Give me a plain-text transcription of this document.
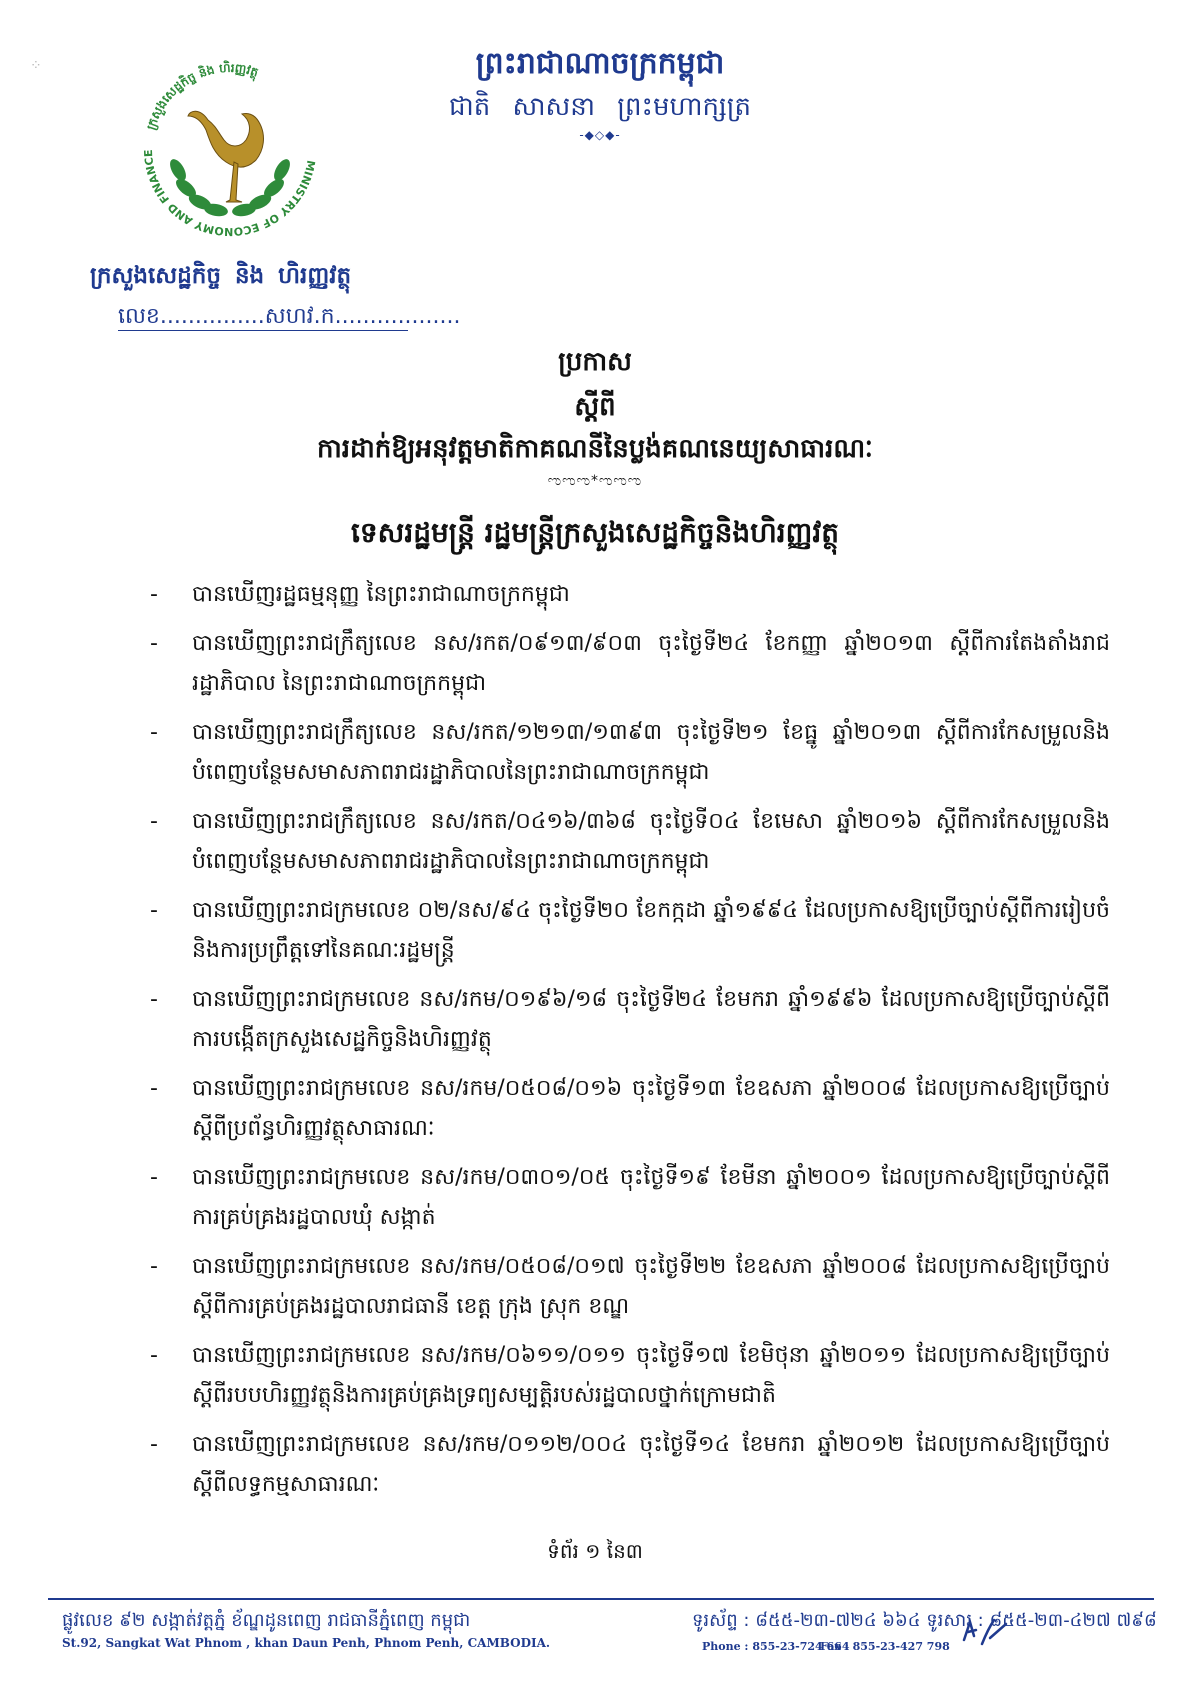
⁘
MINISTRY OF ECONOMY AND FINANCE
ក្រសួងសេដ្ឋកិច្ច និង ហិរញ្ញវត្ថុ	ព្រះរាជាណាចក្រកម្ពុជា
ជាតិ សាសនា ព្រះមហាក្សត្រ
-◆◇◆-
ក្រសួងសេដ្ឋកិច្ច និង ហិរញ្ញវត្ថុ
លេខ...............សហវ.ក..................
ប្រកាស
ស្តីពី
ការដាក់ឱ្យអនុវត្តមាតិកាគណនីនៃប្លង់គណនេយ្យសាធារណៈ
ಌಌಌ*ಌಌಌ
ទេសរដ្ឋមន្ត្រី រដ្ឋមន្ត្រីក្រសួងសេដ្ឋកិច្ចនិងហិរញ្ញវត្ថុ
-	បានឃើញរដ្ឋធម្មនុញ្ញ នៃព្រះរាជាណាចក្រកម្ពុជា
-	បានឃើញព្រះរាជក្រឹត្យលេខ នស/រកត/០៩១៣/៩០៣ ចុះថ្ងៃទី២៤ ខែកញ្ញា ឆ្នាំ២០១៣ ស្តីពីការតែងតាំងរាជរដ្ឋាភិបាល នៃព្រះរាជាណាចក្រកម្ពុជា
-	បានឃើញព្រះរាជក្រឹត្យលេខ នស/រកត/១២១៣/១៣៩៣ ចុះថ្ងៃទី២១ ខែធ្នូ ឆ្នាំ២០១៣ ស្តីពីការកែសម្រួលនិង បំពេញបន្ថែមសមាសភាពរាជរដ្ឋាភិបាលនៃព្រះរាជាណាចក្រកម្ពុជា
-	បានឃើញព្រះរាជក្រឹត្យលេខ នស/រកត/០៤១៦/៣៦៨ ចុះថ្ងៃទី០៤ ខែមេសា ឆ្នាំ២០១៦ ស្តីពីការកែសម្រួលនិង បំពេញបន្ថែមសមាសភាពរាជរដ្ឋាភិបាលនៃព្រះរាជាណាចក្រកម្ពុជា
-	បានឃើញព្រះរាជក្រមលេខ ០២/នស/៩៤ ចុះថ្ងៃទី២០ ខែកក្កដា ឆ្នាំ១៩៩៤ ដែលប្រកាសឱ្យប្រើច្បាប់ស្តីពីការរៀបចំ និងការប្រព្រឹត្តទៅនៃគណៈរដ្ឋមន្ត្រី
-	បានឃើញព្រះរាជក្រមលេខ នស/រកម/០១៩៦/១៨ ចុះថ្ងៃទី២៤ ខែមករា ឆ្នាំ១៩៩៦ ដែលប្រកាសឱ្យប្រើច្បាប់ស្តីពី ការបង្កើតក្រសួងសេដ្ឋកិច្ចនិងហិរញ្ញវត្ថុ
-	បានឃើញព្រះរាជក្រមលេខ នស/រកម/០៥០៨/០១៦ ចុះថ្ងៃទី១៣ ខែឧសភា ឆ្នាំ២០០៨ ដែលប្រកាសឱ្យប្រើច្បាប់ ស្តីពីប្រព័ន្ធហិរញ្ញវត្ថុសាធារណៈ
-	បានឃើញព្រះរាជក្រមលេខ នស/រកម/០៣០១/០៥ ចុះថ្ងៃទី១៩ ខែមីនា ឆ្នាំ២០០១ ដែលប្រកាសឱ្យប្រើច្បាប់ស្តីពី ការគ្រប់គ្រងរដ្ឋបាលឃុំ សង្កាត់
-	បានឃើញព្រះរាជក្រមលេខ នស/រកម/០៥០៨/០១៧ ចុះថ្ងៃទី២២ ខែឧសភា ឆ្នាំ២០០៨ ដែលប្រកាសឱ្យប្រើច្បាប់ ស្តីពីការគ្រប់គ្រងរដ្ឋបាលរាជធានី ខេត្ត ក្រុង ស្រុក ខណ្ឌ
-	បានឃើញព្រះរាជក្រមលេខ នស/រកម/០៦១១/០១១ ចុះថ្ងៃទី១៧ ខែមិថុនា ឆ្នាំ២០១១ ដែលប្រកាសឱ្យប្រើច្បាប់ ស្តីពីរបបហិរញ្ញវត្ថុនិងការគ្រប់គ្រងទ្រព្យសម្បត្តិរបស់រដ្ឋបាលថ្នាក់ក្រោមជាតិ
-	បានឃើញព្រះរាជក្រមលេខ នស/រកម/០១១២/០០៤ ចុះថ្ងៃទី១៤ ខែមករា ឆ្នាំ២០១២ ដែលប្រកាសឱ្យប្រើច្បាប់ ស្តីពីលទ្ធកម្មសាធារណៈ
ទំព័រ ១ នៃ៣
ផ្លូវលេខ ៩២ សង្កាត់វត្តភ្នំ ខ័ណ្ឌដូនពេញ រាជធានីភ្នំពេញ កម្ពុជា
St.92, Sangkat Wat Phnom , khan Daun Penh, Phnom Penh, CAMBODIA.
ទូរស័ព្ទ : ៨៥៥-២៣-៧២៤ ៦៦៤ ទូរសារ : ៨៥៥-២៣-៤២៧ ៧៩៨
Phone : 855-23-724 664
Fax : 855-23-427 798
